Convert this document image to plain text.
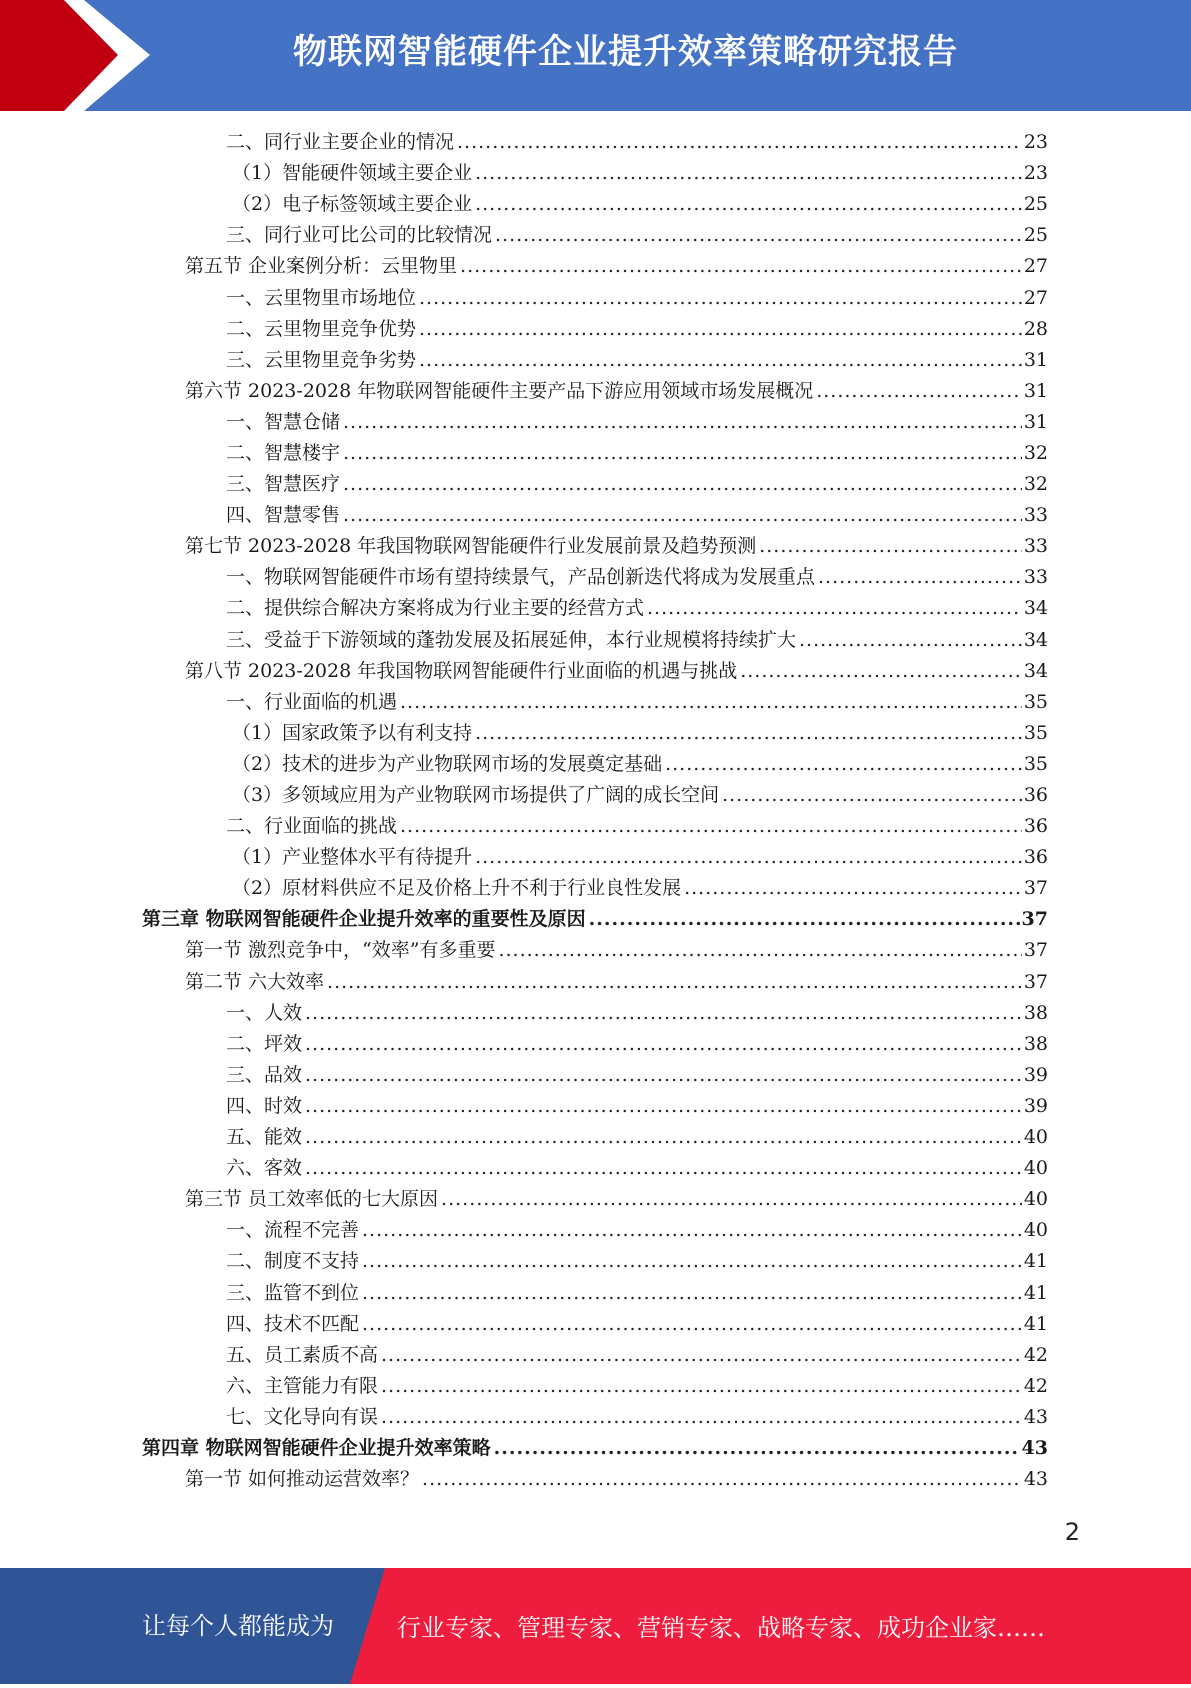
物联网智能硬件企业提升效率策略研究报告
二、同行业主要企业的情况 .....	23
（1）智能硬件领域主要企业 .....	23
（2）电子标签领域主要企业 .....	25
三、同行业可比公司的比较情况 .....	25
第五节 企业案例分析：云里物里 .....	27
一、云里物里市场地位 .....	27
二、云里物里竞争优势 .....	28
三、云里物里竞争劣势 .....	31
第六节 2023-2028 年物联网智能硬件主要产品下游应用领域市场发展概况 .....	31
一、智慧仓储 .....	31
二、智慧楼宇 .....	32
三、智慧医疗 .....	32
四、智慧零售 .....	33
第七节 2023-2028 年我国物联网智能硬件行业发展前景及趋势预测 .....	33
一、物联网智能硬件市场有望持续景气，产品创新迭代将成为发展重点 .....	33
二、提供综合解决方案将成为行业主要的经营方式 .....	34
三、受益于下游领域的蓬勃发展及拓展延伸，本行业规模将持续扩大 .....	34
第八节 2023-2028 年我国物联网智能硬件行业面临的机遇与挑战 .....	34
一、行业面临的机遇 .....	35
（1）国家政策予以有利支持 .....	35
（2）技术的进步为产业物联网市场的发展奠定基础 .....	35
（3）多领域应用为产业物联网市场提供了广阔的成长空间 .....	36
二、行业面临的挑战 .....	36
（1）产业整体水平有待提升 .....	36
（2）原材料供应不足及价格上升不利于行业良性发展 .....	37
第三章 物联网智能硬件企业提升效率的重要性及原因 .....	37
第一节 激烈竞争中，“效率”有多重要 .....	37
第二节 六大效率 .....	37
一、人效 .....	38
二、坪效 .....	38
三、品效 .....	39
四、时效 .....	39
五、能效 .....	40
六、客效 .....	40
第三节 员工效率低的七大原因 .....	40
一、流程不完善 .....	40
二、制度不支持 .....	41
三、监管不到位 .....	41
四、技术不匹配 .....	41
五、员工素质不高 .....	42
六、主管能力有限 .....	42
七、文化导向有误 .....	43
第四章 物联网智能硬件企业提升效率策略 .....	43
第一节 如何推动运营效率？ .....	43
2
让每个人都能成为	行业专家、管理专家、营销专家、战略专家、成功企业家……
